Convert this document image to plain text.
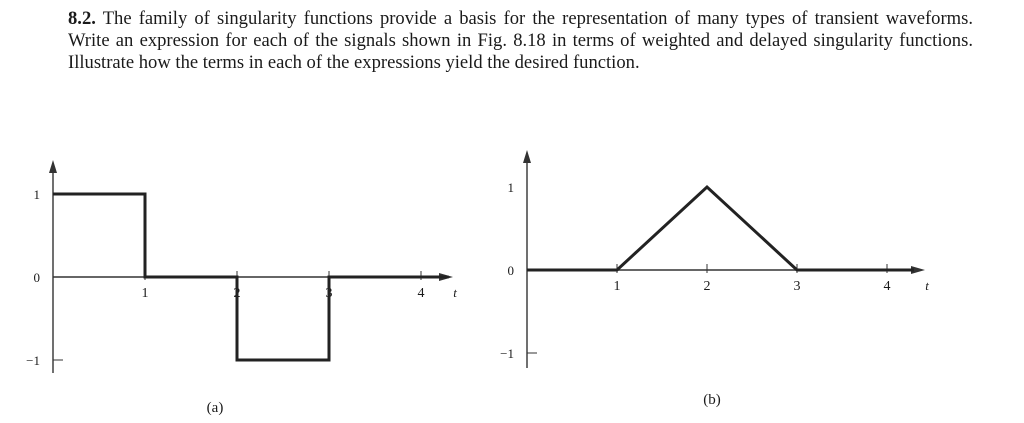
8.2. The family of singularity functions provide a basis for the representation of many types of transient waveforms. Write an expression for each of the signals shown in Fig. 8.18 in terms of weighted and delayed singularity functions. Illustrate how the terms in each of the expressions yield the desired function.

1	2	3	4 t
1
0
−1
(a)
1	2	3	4	t
1
0
−1
(b)
